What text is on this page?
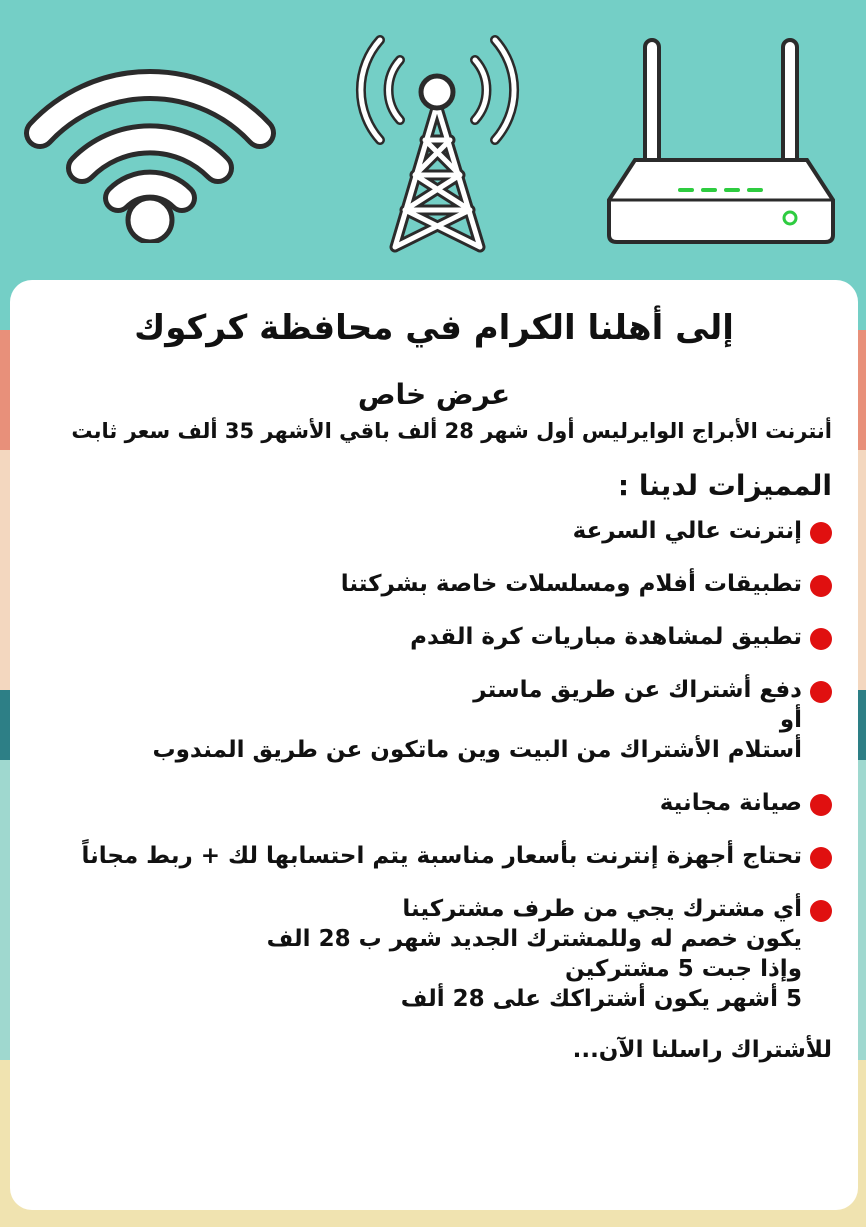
إلى أهلنا الكرام في محافظة كركوك
عرض خاص
أنترنت الأبراج الوايرليس أول شهر 28 ألف باقي الأشهر 35 ألف سعر ثابت
المميزات لدينا :
إنترنت عالي السرعة
تطبيقات أفلام ومسلسلات خاصة بشركتنا
تطبيق لمشاهدة مباريات كرة القدم
دفع أشتراك عن طريق ماستر
أو
أستلام الأشتراك من البيت وين ماتكون عن طريق المندوب
صيانة مجانية
تحتاج أجهزة إنترنت بأسعار مناسبة يتم احتسابها لك + ربط مجاناً
أي مشترك يجي من طرف مشتركينا
يكون خصم له وللمشترك الجديد شهر ب 28 الف
وإذا جبت 5 مشتركين
5 أشهر يكون أشتراكك على 28 ألف
للأشتراك راسلنا الآن...
